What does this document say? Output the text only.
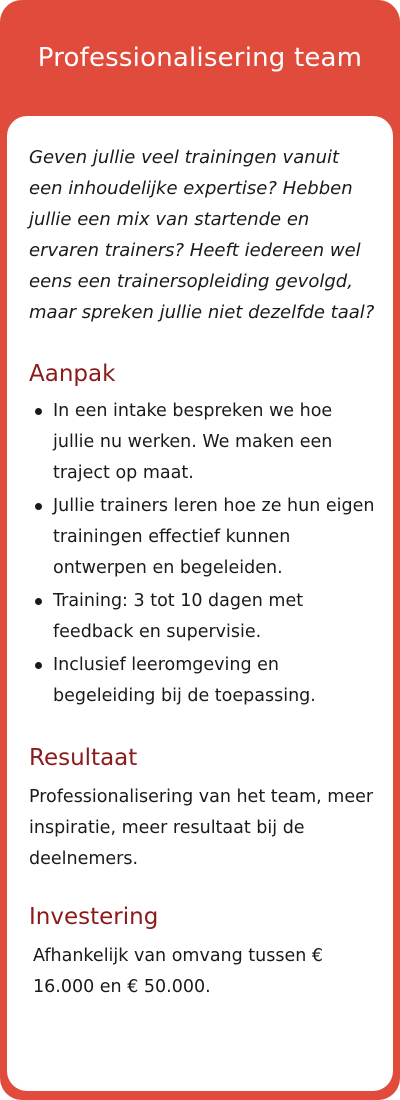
Professionalisering team

Geven jullie veel trainingen vanuit een inhoudelijke expertise? Hebben jullie een mix van startende en ervaren trainers? Heeft iedereen wel eens een trainersopleiding gevolgd, maar spreken jullie niet dezelfde taal?

Aanpak
In een intake bespreken we hoe jullie nu werken. We maken een traject op maat.
Jullie trainers leren hoe ze hun eigen trainingen effectief kunnen ontwerpen en begeleiden.
Training: 3 tot 10 dagen met feedback en supervisie.
Inclusief leeromgeving en begeleiding bij de toepassing.
Resultaat

Professionalisering van het team, meer inspiratie, meer resultaat bij de deelnemers.

Investering

Afhankelijk van omvang tussen € 16.000 en € 50.000.
